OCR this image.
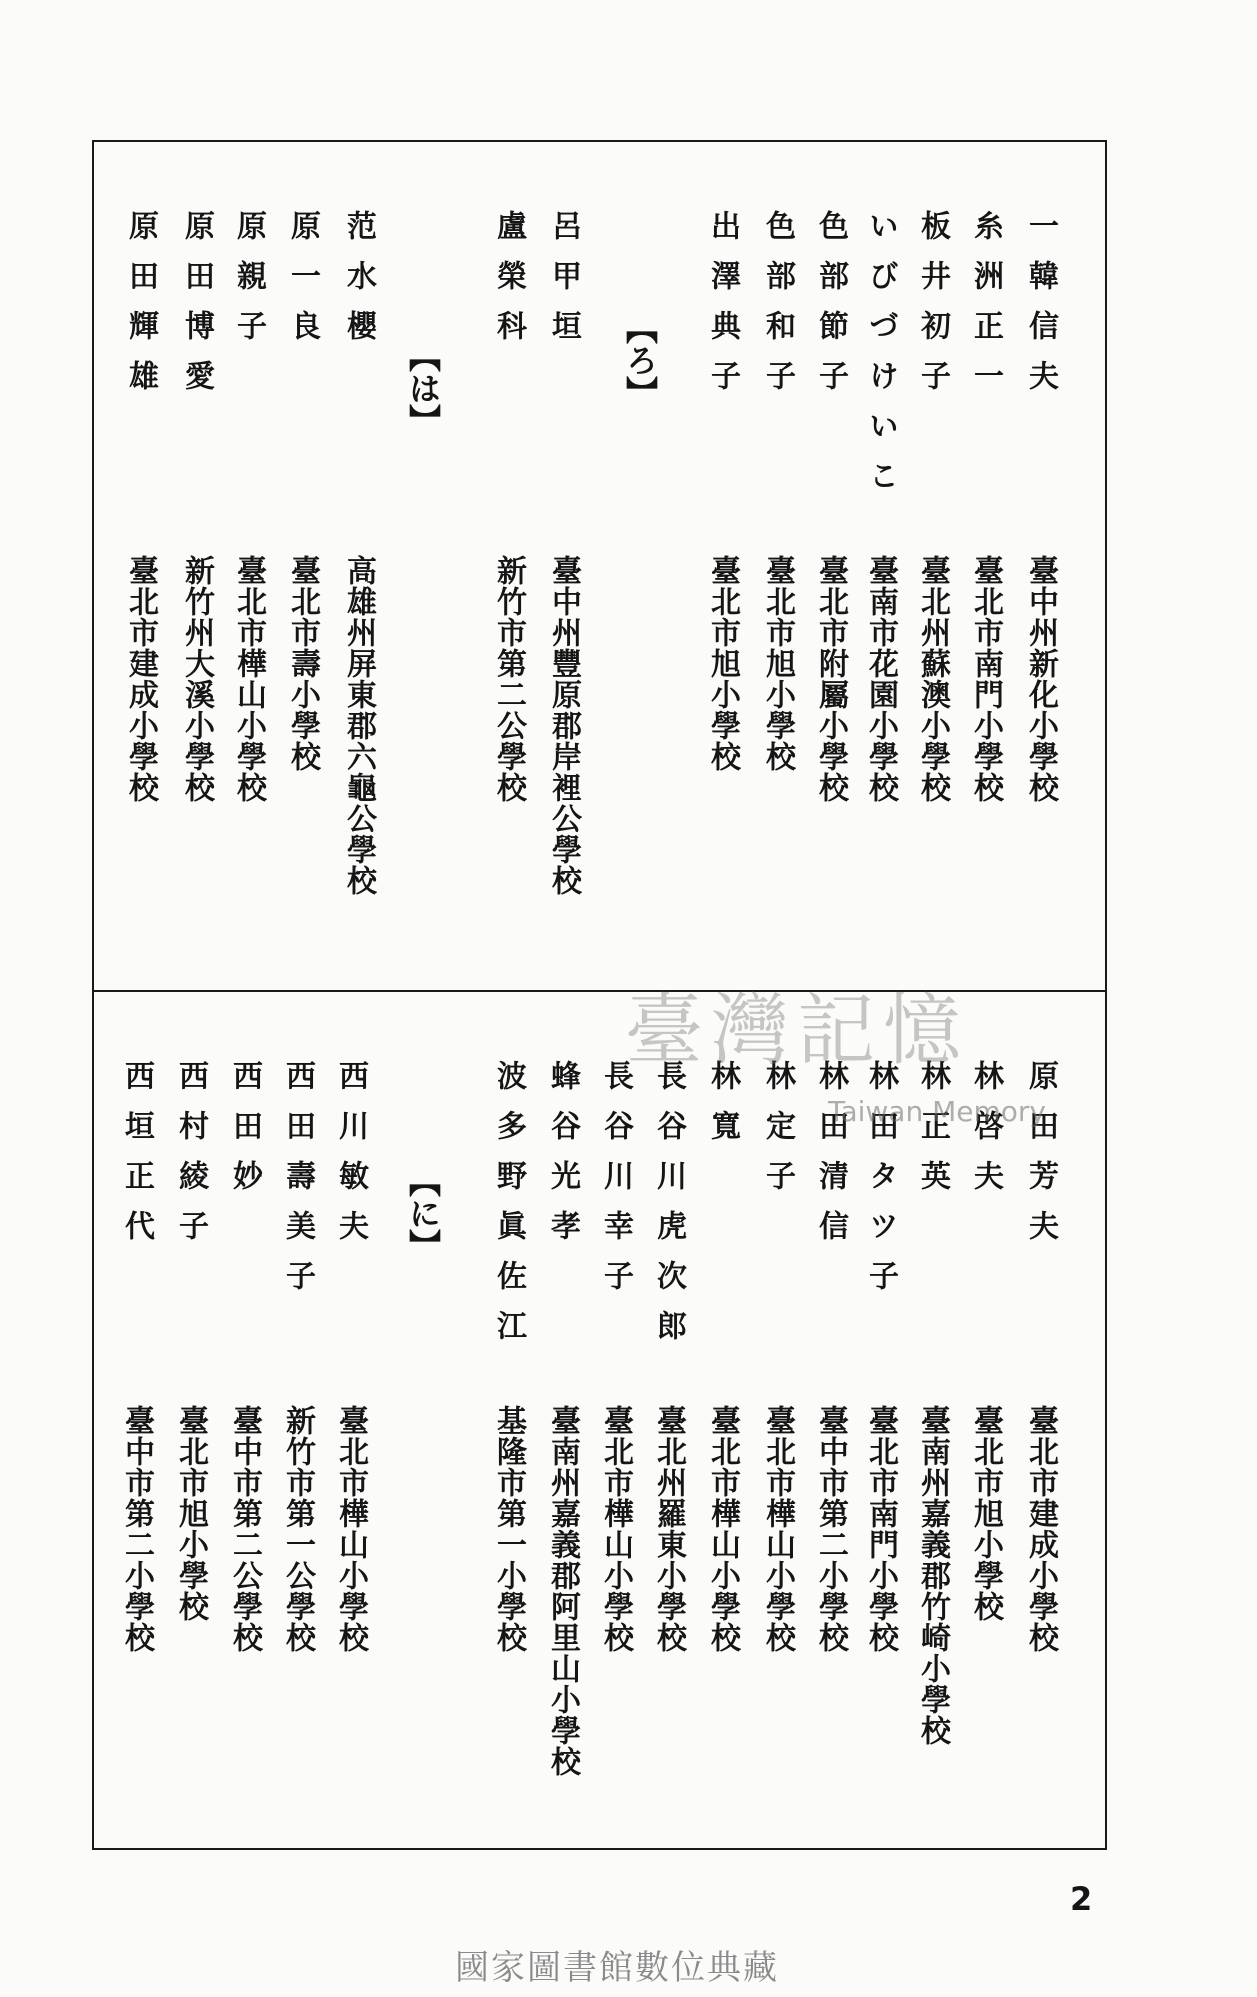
一韓信夫
臺中州新化小學校
糸洲正一
臺北市南門小學校
板井初子
臺北州蘇澳小學校
いびづけいこ
臺南市花園小學校
色部節子
臺北市附屬小學校
色部和子
臺北市旭小學校
出澤典子
臺北市旭小學校
【ろ】
呂甲垣
臺中州豐原郡岸裡公學校
盧榮科
新竹市第二公學校
【は】
范水櫻
高雄州屏東郡六龜公學校
原一良
臺北市壽小學校
原親子
臺北市樺山小學校
原田博愛
新竹州大溪小學校
原田輝雄
臺北市建成小學校
原田芳夫
臺北市建成小學校
林啓夫
臺北市旭小學校
林正英
臺南州嘉義郡竹崎小學校
林田タツ子
臺北市南門小學校
林田清信
臺中市第二小學校
林定子
臺北市樺山小學校
林寬
臺北市樺山小學校
長谷川虎次郎
臺北州羅東小學校
長谷川幸子
臺北市樺山小學校
蜂谷光孝
臺南州嘉義郡阿里山小學校
波多野眞佐江
基隆市第一小學校
【に】
西川敏夫
臺北市樺山小學校
西田壽美子
新竹市第一公學校
西田妙
臺中市第二公學校
西村綾子
臺北市旭小學校
西垣正代
臺中市第二小學校
臺灣記憶
Taiwan Memory
2
國家圖書館數位典藏
